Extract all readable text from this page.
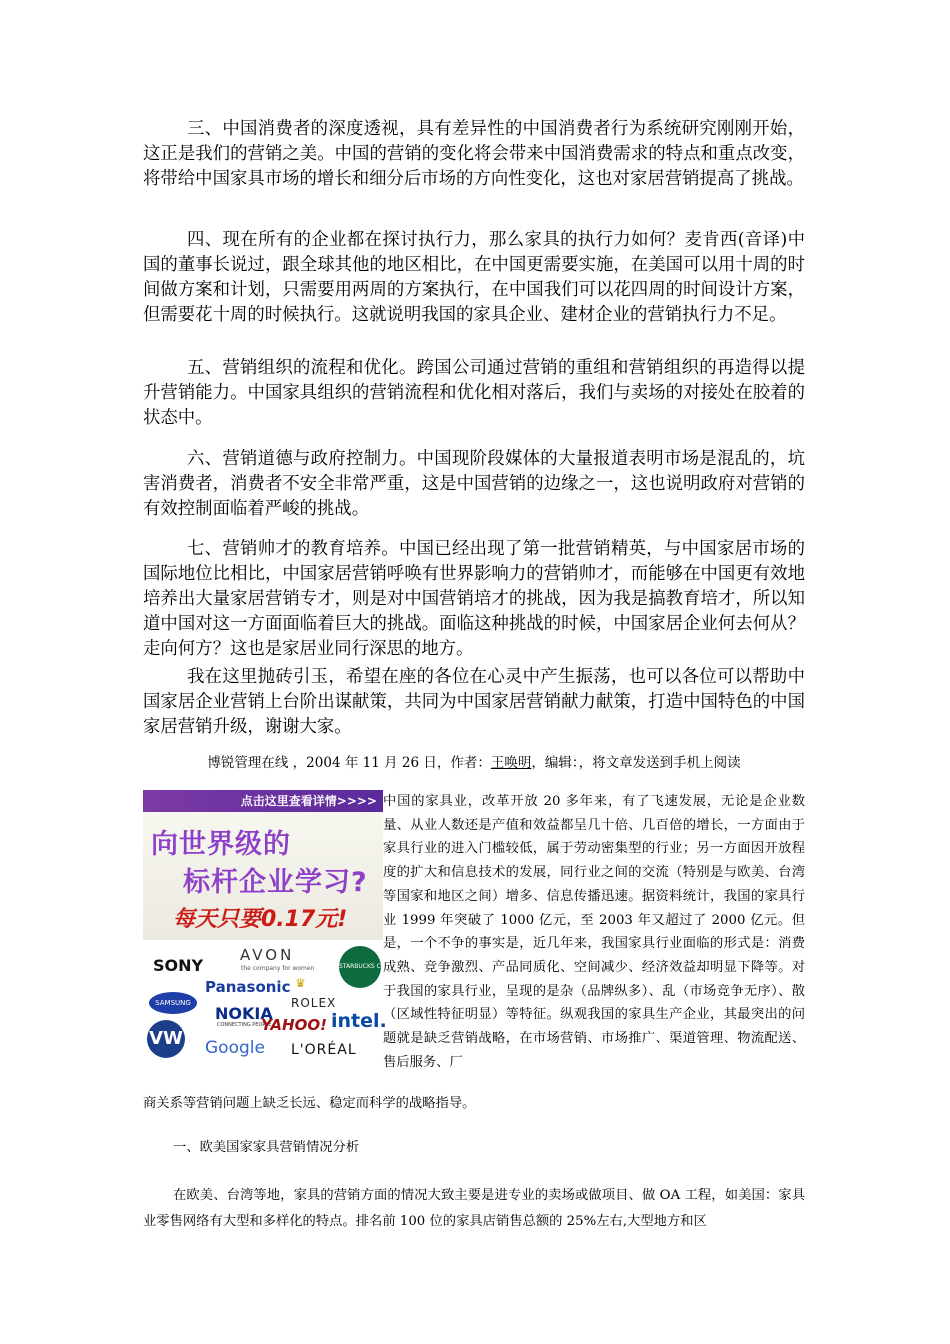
三、中国消费者的深度透视，具有差异性的中国消费者行为系统研究刚刚开始，这正是我们的营销之美。中国的营销的变化将会带来中国消费需求的特点和重点改变，将带给中国家具市场的增长和细分后市场的方向性变化，这也对家居营销提高了挑战。

四、现在所有的企业都在探讨执行力，那么家具的执行力如何？麦肯西(音译)中国的董事长说过，跟全球其他的地区相比，在中国更需要实施，在美国可以用十周的时间做方案和计划，只需要用两周的方案执行，在中国我们可以花四周的时间设计方案，但需要花十周的时候执行。这就说明我国的家具企业、建材企业的营销执行力不足。

五、营销组织的流程和优化。跨国公司通过营销的重组和营销组织的再造得以提升营销能力。中国家具组织的营销流程和优化相对落后，我们与卖场的对接处在胶着的状态中。

六、营销道德与政府控制力。中国现阶段媒体的大量报道表明市场是混乱的，坑害消费者，消费者不安全非常严重，这是中国营销的边缘之一，这也说明政府对营销的有效控制面临着严峻的挑战。

七、营销帅才的教育培养。中国已经出现了第一批营销精英，与中国家居市场的国际地位比相比，中国家居营销呼唤有世界影响力的营销帅才，而能够在中国更有效地培养出大量家居营销专才，则是对中国营销培才的挑战，因为我是搞教育培才，所以知道中国对这一方面面临着巨大的挑战。面临这种挑战的时候，中国家居企业何去何从？走向何方？这也是家居业同行深思的地方。

我在这里抛砖引玉，希望在座的各位在心灵中产生振荡，也可以各位可以帮助中国家居企业营销上台阶出谋献策，共同为中国家居营销献力献策，打造中国特色的中国家居营销升级，谢谢大家。

博锐管理在线 ，2004 年 11 月 26 日，作者：王唤明，编辑：，将文章发送到手机上阅读
点击这里查看详情>>>>
向世界级的
标杆企业学习?
每天只要0.17元!
SONY
AVON
the company for women	STARBUCKS COFFEE
Panasonic ♛
SAMSUNG	ROLEX
NOKIA
CONNECTING PEOPLE
YAHOO! intel.
VW Google L'ORÉAL

中国的家具业，改革开放 20 多年来，有了飞速发展，无论是企业数量、从业人数还是产值和效益都呈几十倍、几百倍的增长，一方面由于家具行业的进入门槛较低，属于劳动密集型的行业；另一方面因开放程度的扩大和信息技术的发展，同行业之间的交流（特别是与欧美、台湾等国家和地区之间）增多、信息传播迅速。据资料统计，我国的家具行业 1999 年突破了 1000 亿元，至 2003 年又超过了 2000 亿元。但是，一个不争的事实是，近几年来，我国家具行业面临的形式是：消费成熟、竞争激烈、产品同质化、空间减少、经济效益却明显下降等。对于我国的家具行业，呈现的是杂（品牌纵多）、乱（市场竞争无序）、散（区域性特征明显）等特征。纵观我国的家具生产企业，其最突出的问题就是缺乏营销战略，在市场营销、市场推广、渠道管理、物流配送、售后服务、厂

商关系等营销问题上缺乏长远、稳定而科学的战略指导。

一、欧美国家家具营销情况分析

在欧美、台湾等地，家具的营销方面的情况大致主要是进专业的卖场或做项目、做 OA 工程，如美国：家具业零售网络有大型和多样化的特点。排名前 100 位的家具店销售总额的 25%左右,大型地方和区
